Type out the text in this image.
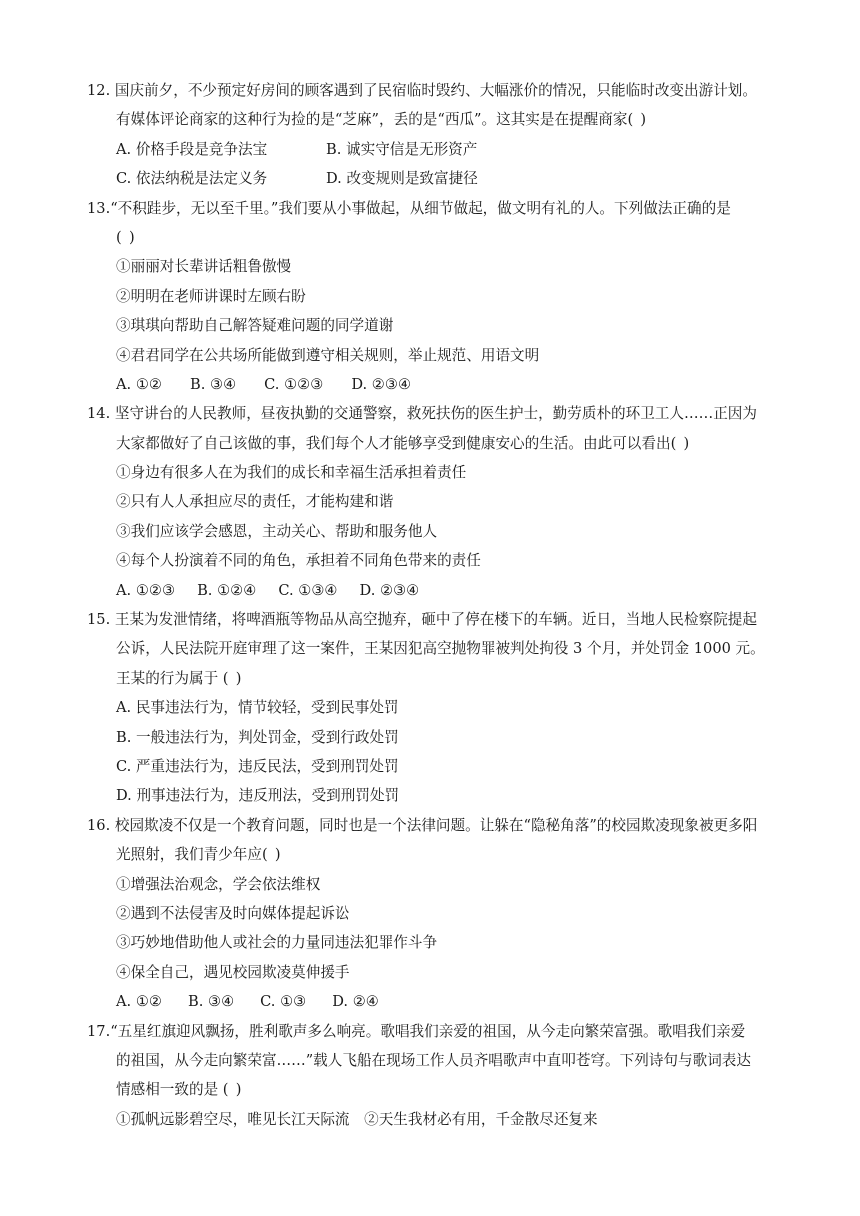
12. 国庆前夕，不少预定好房间的顾客遇到了民宿临时毁约、大幅涨价的情况，只能临时改变出游计划。
有媒体评论商家的这种行为捡的是“芝麻”，丢的是“西瓜”。这其实是在提醒商家( )
A. 价格手段是竞争法宝	B. 诚实守信是无形资产
C. 依法纳税是法定义务	D. 改变规则是致富捷径
13.“不积跬步，无以至千里。”我们要从小事做起，从细节做起，做文明有礼的人。下列做法正确的是
( )
①丽丽对长辈讲话粗鲁傲慢
②明明在老师讲课时左顾右盼
③琪琪向帮助自己解答疑难问题的同学道谢
④君君同学在公共场所能做到遵守相关规则，举止规范、用语文明
A. ①② B. ③④ C. ①②③ D. ②③④
14. 坚守讲台的人民教师，昼夜执勤的交通警察，救死扶伤的医生护士，勤劳质朴的环卫工人……正因为
大家都做好了自己该做的事，我们每个人才能够享受到健康安心的生活。由此可以看出( )
①身边有很多人在为我们的成长和幸福生活承担着责任
②只有人人承担应尽的责任，才能构建和谐
③我们应该学会感恩，主动关心、帮助和服务他人
④每个人扮演着不同的角色，承担着不同角色带来的责任
A. ①②③ B. ①②④ C. ①③④ D. ②③④
15. 王某为发泄情绪，将啤酒瓶等物品从高空抛弃，砸中了停在楼下的车辆。近日，当地人民检察院提起
公诉，人民法院开庭审理了这一案件，王某因犯高空抛物罪被判处拘役 3 个月，并处罚金 1000 元。
王某的行为属于 ( )
A. 民事违法行为，情节较轻，受到民事处罚
B. 一般违法行为，判处罚金，受到行政处罚
C. 严重违法行为，违反民法，受到刑罚处罚
D. 刑事违法行为，违反刑法，受到刑罚处罚
16. 校园欺凌不仅是一个教育问题，同时也是一个法律问题。让躲在“隐秘角落”的校园欺凌现象被更多阳
光照射，我们青少年应( )
①增强法治观念，学会依法维权
②遇到不法侵害及时向媒体提起诉讼
③巧妙地借助他人或社会的力量同违法犯罪作斗争
④保全自己，遇见校园欺凌莫伸援手
A. ①② B. ③④ C. ①③ D. ②④
17.“五星红旗迎风飘扬，胜利歌声多么响亮。歌唱我们亲爱的祖国，从今走向繁荣富强。歌唱我们亲爱
的祖国，从今走向繁荣富……”载人飞船在现场工作人员齐唱歌声中直叩苍穹。下列诗句与歌词表达
情感相一致的是 ( )
①孤帆远影碧空尽，唯见长江天际流　②天生我材必有用，千金散尽还复来
